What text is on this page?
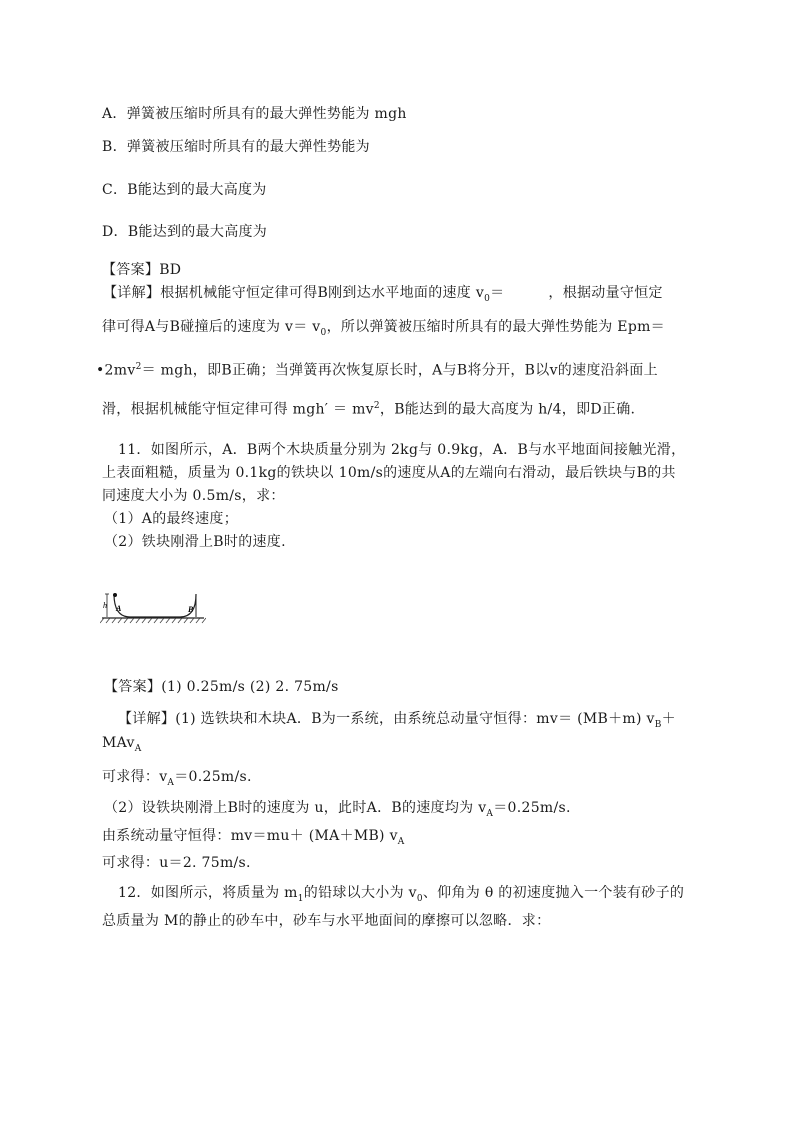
A．弹簧被压缩时所具有的最大弹性势能为 mgh
B．弹簧被压缩时所具有的最大弹性势能为
C．B能达到的最大高度为
D．B能达到的最大高度为
【答案】BD
【详解】根据机械能守恒定律可得B刚到达水平地面的速度 $v_0=$	，根据动量守恒定
律可得A与B碰撞后的速度为 $v= v_0$，所以弹簧被压缩时所具有的最大弹性势能为 Epm＝
$•2mv^2=$ mgh，即B正确；当弹簧再次恢复原长时，A与B将分开，B以v的速度沿斜面上
滑，根据机械能守恒定律可得 $mgh' = mv^2$，B能达到的最大高度为 h/4，即D正确.
11．如图所示，A．B两个木块质量分别为 2kg与 0.9kg，A．B与水平地面间接触光滑，
上表面粗糙，质量为 0.1kg的铁块以 10m/s的速度从A的左端向右滑动，最后铁块与B的共
同速度大小为 0.5m/s，求：
（1）A的最终速度；
（2）铁块刚滑上B时的速度.
h A	B
【答案】(1) 0.25m/s (2) 2. 75m/s
【详解】(1) 选铁块和木块A．B为一系统，由系统总动量守恒得：mv＝ (MB＋m) $v_B+$
MAv$_A$
可求得：$v_A=0.25m/s$.
（2）设铁块刚滑上B时的速度为 u，此时A．B的速度均为 $v_A=0.25m/s$.
由系统动量守恒得：mv＝mu＋ (MA＋MB) $v_A$
可求得：u＝2. 75m/s.
12．如图所示，将质量为 $m_1$的铅球以大小为 $v_0$、仰角为 θ 的初速度抛入一个装有砂子的
总质量为 M的静止的砂车中，砂车与水平地面间的摩擦可以忽略．求：
